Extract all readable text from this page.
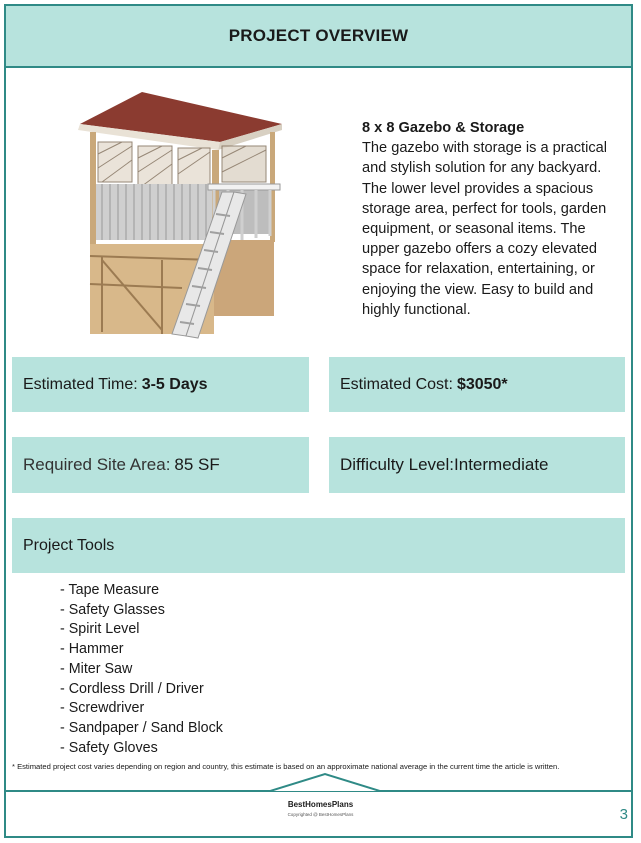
PROJECT OVERVIEW
8 x 8 Gazebo & Storage
The gazebo with storage is a practical and stylish solution for any backyard. The lower level provides a spacious storage area, perfect for tools, garden equipment, or seasonal items. The upper gazebo offers a cozy elevated space for relaxation, entertaining, or enjoying the view. Easy to build and highly functional.
Estimated Time: 3-5 Days	Estimated Cost: $3050*
Required Site Area: 85 SF	Difficulty Level: Intermediate
Project Tools
- Tape Measure
- Safety Glasses
- Spirit Level
- Hammer
- Miter Saw
- Cordless Drill / Driver
- Screwdriver
- Sandpaper / Sand Block
- Safety Gloves
* Estimated project cost varies depending on region and country, this estimate is based on an approximate national average in the current time the article is written.
BestHomesPlans
Copyrighted @ BestHomesPlans	3
